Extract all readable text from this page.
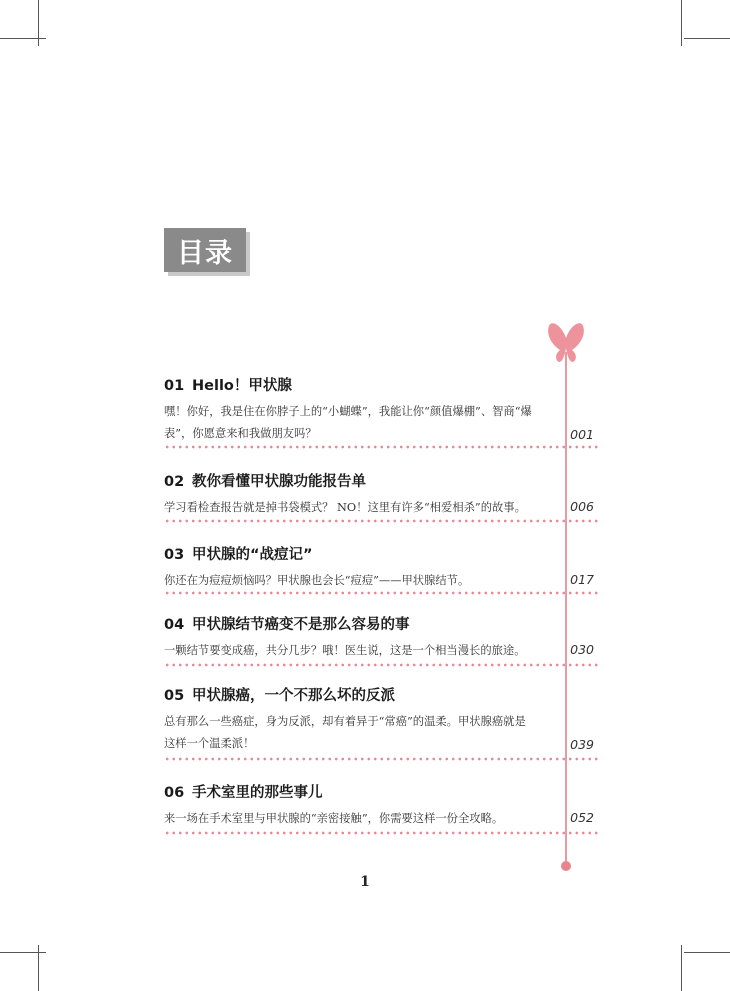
目录
01 Hello！甲状腺
嘿！你好，我是住在你脖子上的“小蝴蝶”，我能让你“颜值爆棚”、智商“爆
表”，你愿意来和我做朋友吗？	001
02 教你看懂甲状腺功能报告单
学习看检查报告就是掉书袋模式？ NO！这里有许多“相爱相杀”的故事。	006
03 甲状腺的“战痘记”
你还在为痘痘烦恼吗？甲状腺也会长“痘痘”——甲状腺结节。	017
04 甲状腺结节癌变不是那么容易的事
一颗结节要变成癌，共分几步？哦！医生说，这是一个相当漫长的旅途。	030
05 甲状腺癌，一个不那么坏的反派
总有那么一些癌症，身为反派，却有着异于“常癌”的温柔。甲状腺癌就是
这样一个温柔派！	039
06 手术室里的那些事儿
来一场在手术室里与甲状腺的“亲密接触”，你需要这样一份全攻略。	052
1
